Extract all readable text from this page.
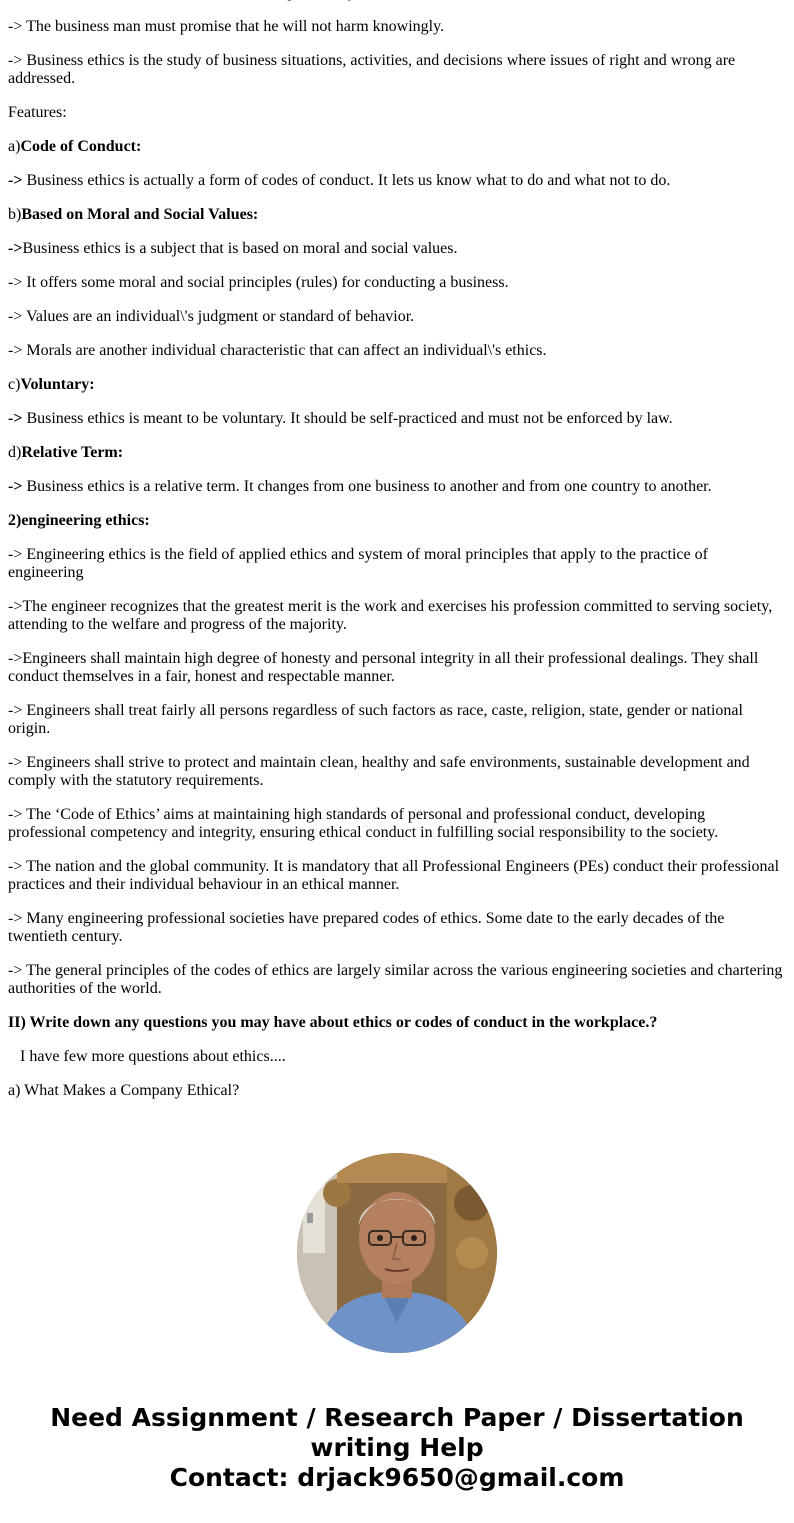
-> The business man must promise that he will not harm knowingly.

-> Business ethics is the study of business situations, activities, and decisions where issues of right and wrong are addressed.

Features:

a)Code of Conduct:

-> Business ethics is actually a form of codes of conduct. It lets us know what to do and what not to do.

b)Based on Moral and Social Values:

->Business ethics is a subject that is based on moral and social values.

-> It offers some moral and social principles (rules) for conducting a business.

-> Values are an individual\'s judgment or standard of behavior.

-> Morals are another individual characteristic that can affect an individual\'s ethics.

c)Voluntary:

-> Business ethics is meant to be voluntary. It should be self-practiced and must not be enforced by law.

d)Relative Term:

-> Business ethics is a relative term. It changes from one business to another and from one country to another.

2)engineering ethics:

-> Engineering ethics is the field of applied ethics and system of moral principles that apply to the practice of engineering

->The engineer recognizes that the greatest merit is the work and exercises his profession committed to serving society, attending to the welfare and progress of the majority.

->Engineers shall maintain high degree of honesty and personal integrity in all their professional dealings. They shall conduct themselves in a fair, honest and respectable manner.

-> Engineers shall treat fairly all persons regardless of such factors as race, caste, religion, state, gender or national origin.

-> Engineers shall strive to protect and maintain clean, healthy and safe environments, sustainable development and comply with the statutory requirements.

-> The ‘Code of Ethics’ aims at maintaining high standards of personal and professional conduct, developing professional competency and integrity, ensuring ethical conduct in fulfilling social responsibility to the society.

-> The nation and the global community. It is mandatory that all Professional Engineers (PEs) conduct their professional practices and their individual behaviour in an ethical manner.

-> Many engineering professional societies have prepared codes of ethics. Some date to the early decades of the twentieth century.

-> The general principles of the codes of ethics are largely similar across the various engineering societies and chartering authorities of the world.

II) Write down any questions you may have about ethics or codes of conduct in the workplace.?

I have few more questions about ethics....

a) What Makes a Company Ethical?

Need Assignment / Research Paper / Dissertation
writing Help
Contact: drjack9650@gmail.com
